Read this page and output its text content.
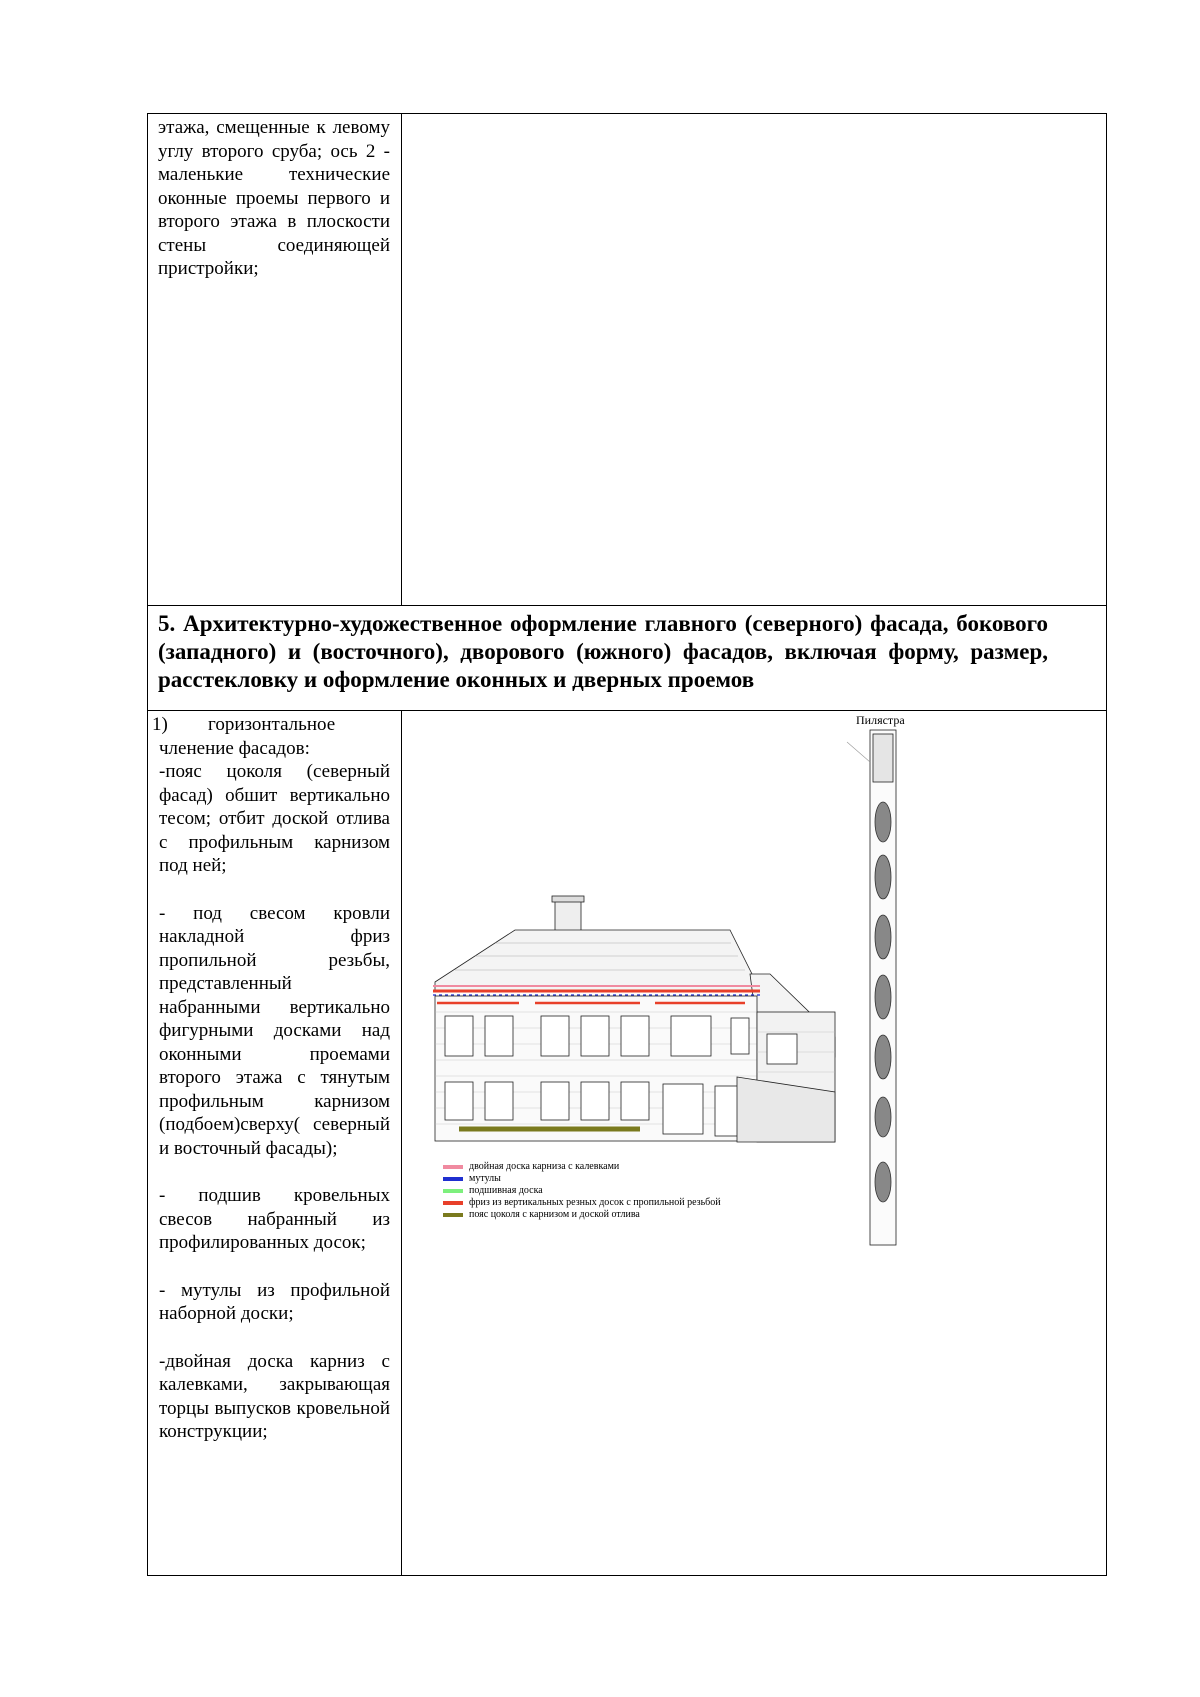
этажа, смещенные к левому углу второго сруба; ось 2 - маленькие технические оконные проемы первого и второго этажа в плоскости стены соединяющей пристройки;

5. Архитектурно-художественное оформление главного (северного) фасада, бокового (западного) и (восточного), дворового (южного) фасадов, включая форму, размер, расстекловку и оформление оконных и дверных проемов
1)	горизонтальное

членение фасадов:

-пояс цоколя (северный фасад) обшит вертикально тесом; отбит доской отлива с профильным карнизом под ней;

- под свесом кровли накладной фриз пропильной резьбы, представленный набранными вертикально фигурными досками над оконными проемами второго этажа с тянутым профильным карнизом (подбоем)сверху( северный и восточный фасады);

- подшив кровельных свесов набранный из профилированных досок;

- мутулы из профильной наборной доски;

-двойная доска карниз с калевками, закрывающая торцы выпусков кровельной конструкции;

Пилястра
двойная доска карниза с калевками
мутулы
подшивная доска
фриз из вертикальных резных досок с пропильной резьбой
пояс цоколя с карнизом и доской отлива
